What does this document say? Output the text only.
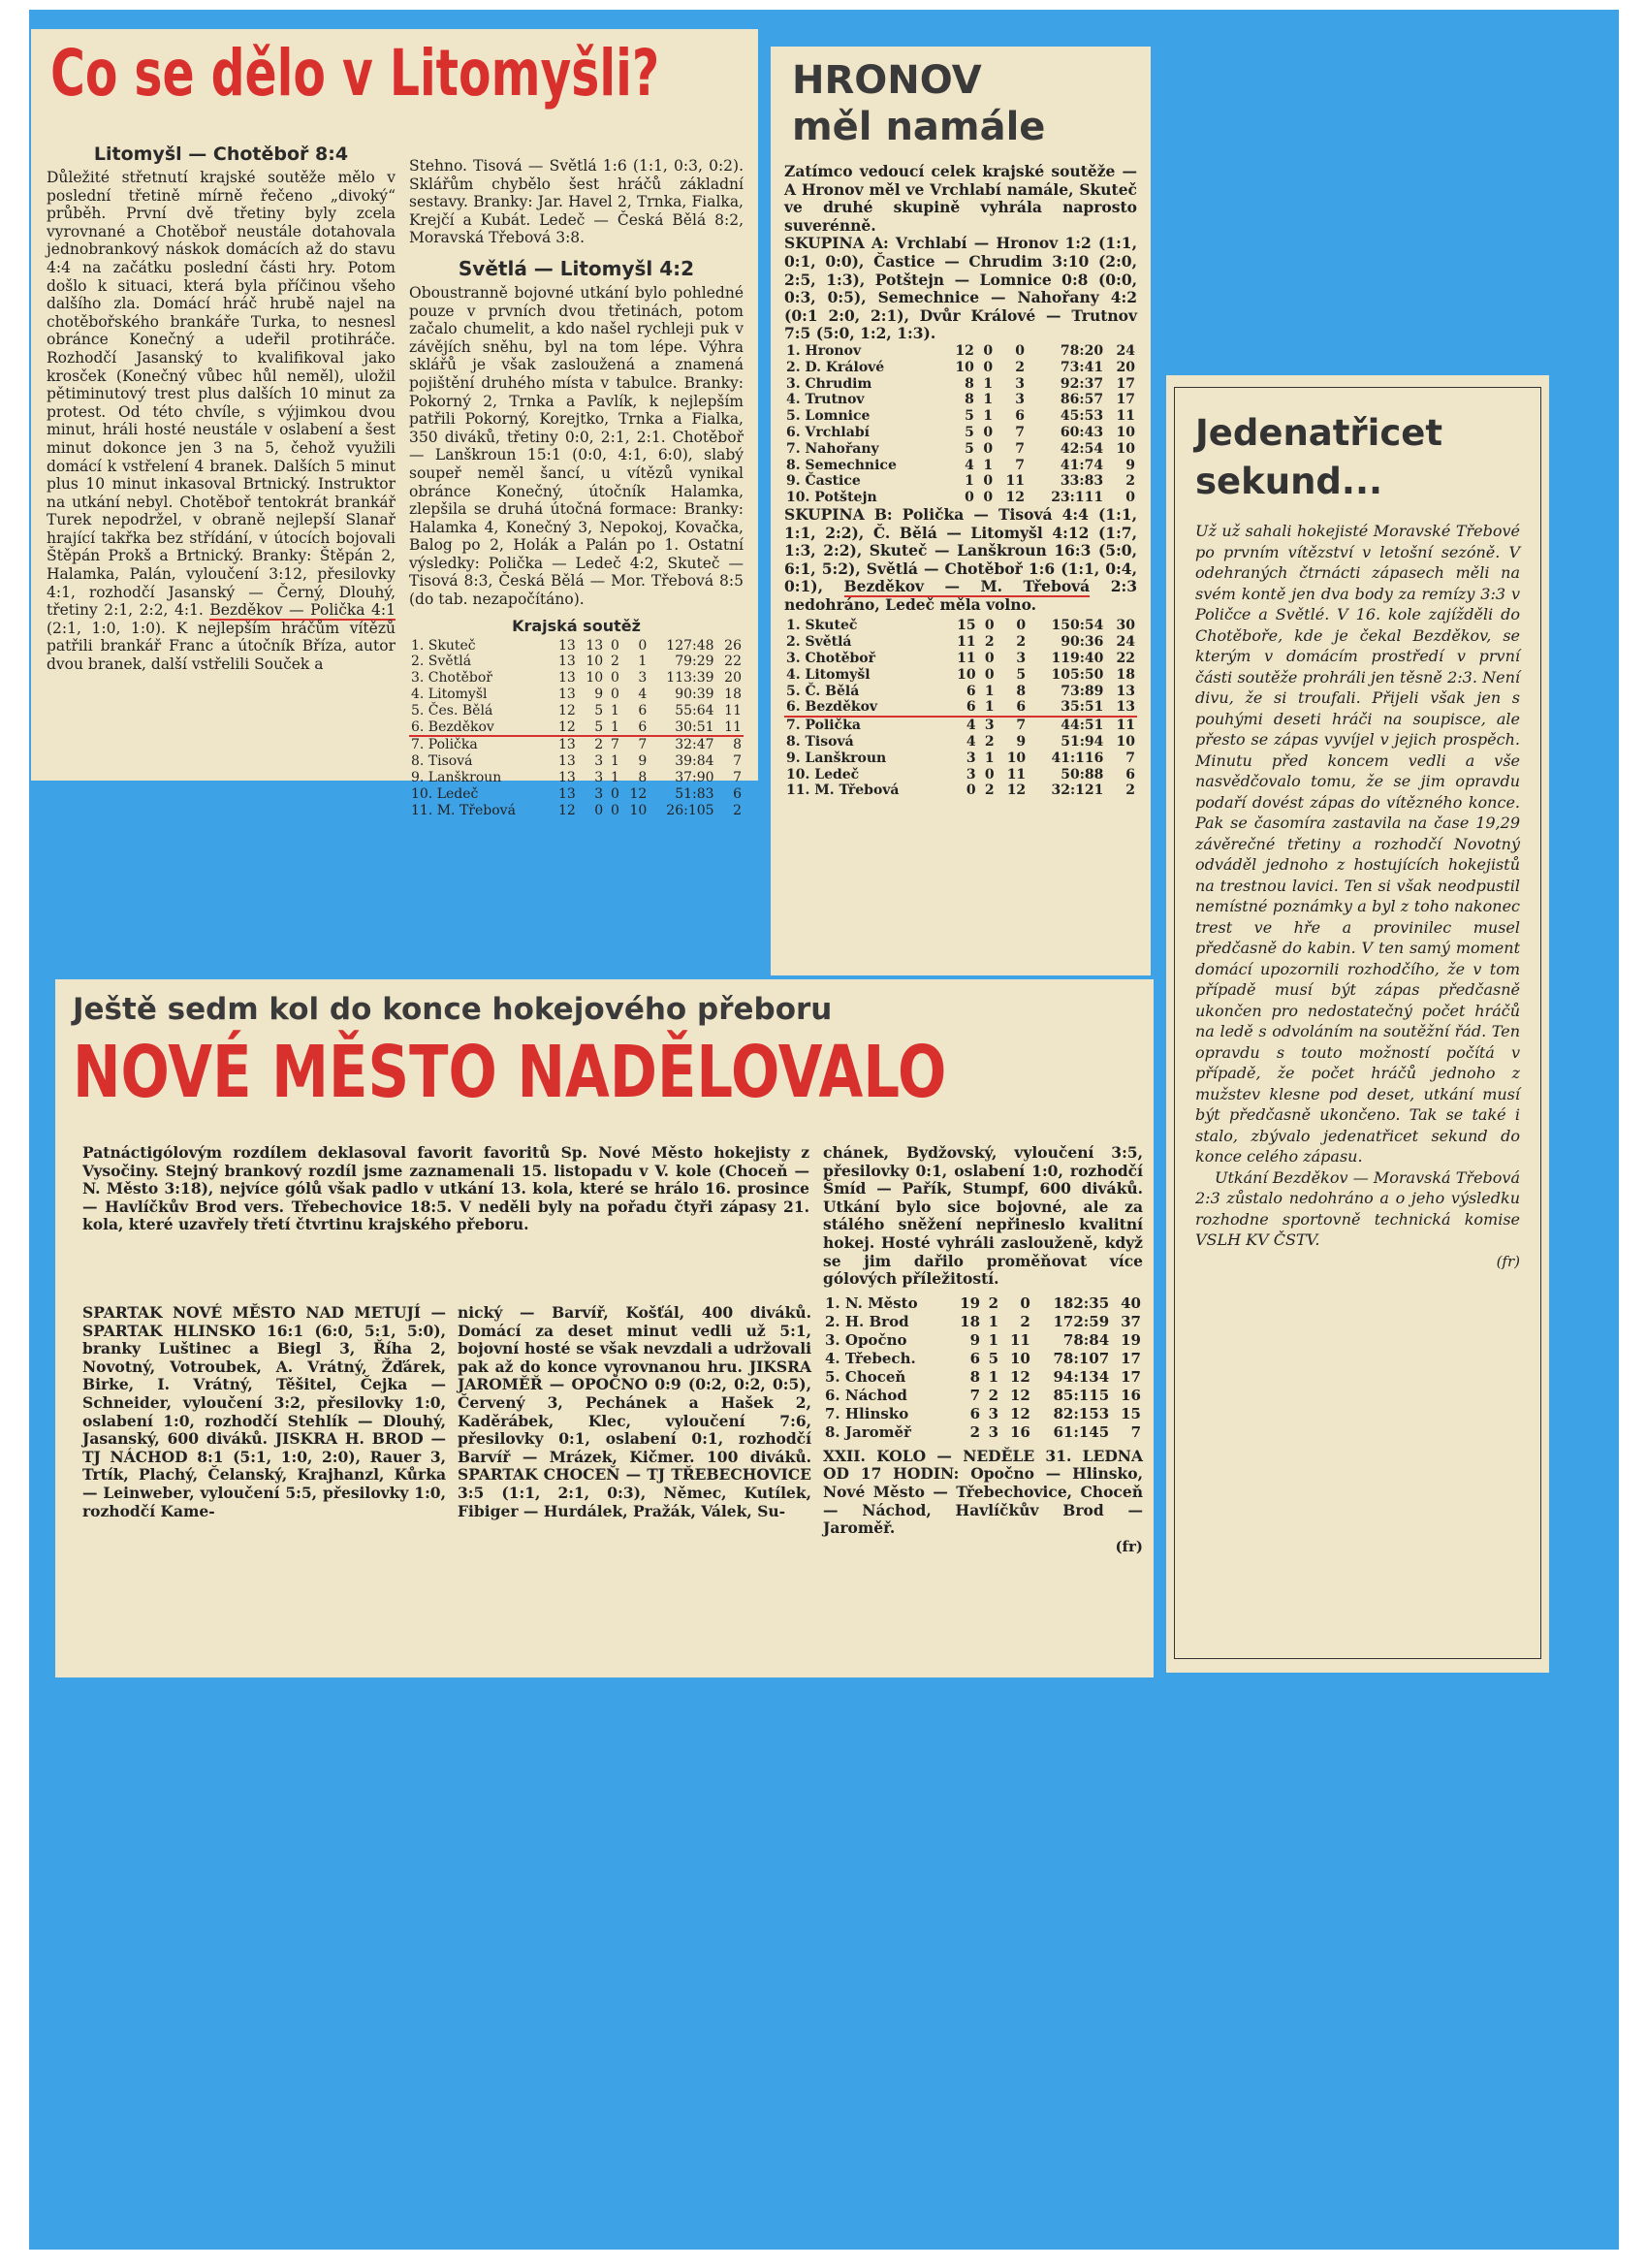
Co se dělo v Litomyšli?
Litomyšl — Chotěboř 8:4
Důležité střetnutí krajské soutěže mělo v poslední třetině mírně řečeno „divoký“ průběh. První dvě třetiny byly zcela vyrovnané a Chotěboř neustále dotahovala jednobrankový náskok domácích až do stavu 4:4 na začátku poslední části hry. Potom došlo k situaci, která byla příčinou všeho dalšího zla. Domácí hráč hrubě najel na chotěbořského brankáře Turka, to nesnesl obránce Konečný a udeřil protihráče. Rozhodčí Jasanský to kvalifikoval jako krosček (Konečný vůbec hůl neměl), uložil pětiminutový trest plus dalších 10 minut za protest. Od této chvíle, s výjimkou dvou minut, hráli hosté neustále v oslabení a šest minut dokonce jen 3 na 5, čehož využili domácí k vstřelení 4 branek. Dalších 5 minut plus 10 minut inkasoval Brtnický. Instruktor na utkání nebyl. Chotěboř tentokrát brankář Turek nepodržel, v obraně nejlepší Slanař hrající takřka bez střídání, v útocích bojovali Štěpán Prokš a Brtnický. Branky: Štěpán 2, Halamka, Palán, vyloučení 3:12, přesilovky 4:1, rozhodčí Jasanský — Černý, Dlouhý, třetiny 2:1, 2:2, 4:1. Bezděkov — Polička 4:1 (2:1, 1:0, 1:0). K nejlepším hráčům vítězů patřili brankář Franc a útočník Bříza, autor dvou branek, další vstřelili Souček a
Stehno. Tisová — Světlá 1:6 (1:1, 0:3, 0:2). Sklářům chybělo šest hráčů základní sestavy. Branky: Jar. Havel 2, Trnka, Fialka, Krejčí a Kubát. Ledeč — Česká Bělá 8:2, Moravská Třebová 3:8.
Světlá — Litomyšl 4:2
Oboustranně bojovné utkání bylo pohledné pouze v prvních dvou třetinách, potom začalo chumelit, a kdo našel rychleji puk v závějích sněhu, byl na tom lépe. Výhra sklářů je však zasloužená a znamená pojištění druhého místa v tabulce. Branky: Pokorný 2, Trnka a Pavlík, k nejlepším patřili Pokorný, Korejtko, Trnka a Fialka, 350 diváků, třetiny 0:0, 2:1, 2:1. Chotěboř — Lanškroun 15:1 (0:0, 4:1, 6:0), slabý soupeř neměl šancí, u vítězů vynikal obránce Konečný, útočník Halamka, zlepšila se druhá útočná formace: Branky: Halamka 4, Konečný 3, Nepokoj, Kovačka, Balog po 2, Holák a Palán po 1. Ostatní výsledky: Polička — Ledeč 4:2, Skuteč — Tisová 8:3, Česká Bělá — Mor. Třebová 8:5 (do tab. nezapočítáno).
Krajská soutěž
1. Skuteč	13	13	0	0	127:48	26
2. Světlá	13	10	2	1	79:29	22
3. Chotěboř	13	10	0	3	113:39	20
4. Litomyšl	13	9	0	4	90:39	18
5. Čes. Bělá	12	5	1	6	55:64	11
6. Bezděkov	12	5	1	6	30:51	11
7. Polička	13	2	7	7	32:47	8
8. Tisová	13	3	1	9	39:84	7
9. Lanškroun	13	3	1	8	37:90	7
10. Ledeč	13	3	0	12	51:83	6
11. M. Třebová	12	0	0	10	26:105	2
HRONOV
měl namále
Zatímco vedoucí celek krajské soutěže — A Hronov měl ve Vrchlabí namále, Skuteč ve druhé skupině vyhrála naprosto suverénně.
SKUPINA A: Vrchlabí — Hronov 1:2 (1:1, 0:1, 0:0), Častice — Chrudim 3:10 (2:0, 2:5, 1:3), Potštejn — Lomnice 0:8 (0:0, 0:3, 0:5), Semechnice — Nahořany 4:2 (0:1 2:0, 2:1), Dvůr Králové — Trutnov 7:5 (5:0, 1:2, 1:3).
1. Hronov	12	0	0	78:20	24
2. D. Králové	10	0	2	73:41	20
3. Chrudim	8	1	3	92:37	17
4. Trutnov	8	1	3	86:57	17
5. Lomnice	5	1	6	45:53	11
6. Vrchlabí	5	0	7	60:43	10
7. Nahořany	5	0	7	42:54	10
8. Semechnice	4	1	7	41:74	9
9. Častice	1	0	11	33:83	2
10. Potštejn	0	0	12	23:111	0
SKUPINA B: Polička — Tisová 4:4 (1:1, 1:1, 2:2), Č. Bělá — Litomyšl 4:12 (1:7, 1:3, 2:2), Skuteč — Lanškroun 16:3 (5:0, 6:1, 5:2), Světlá — Chotěboř 1:6 (1:1, 0:4, 0:1), Bezděkov — M. Třebová 2:3 nedohráno, Ledeč měla volno.
1. Skuteč	15	0	0	150:54	30
2. Světlá	11	2	2	90:36	24
3. Chotěboř	11	0	3	119:40	22
4. Litomyšl	10	0	5	105:50	18
5. Č. Bělá	6	1	8	73:89	13
6. Bezděkov	6	1	6	35:51	13
7. Polička	4	3	7	44:51	11
8. Tisová	4	2	9	51:94	10
9. Lanškroun	3	1	10	41:116	7
10. Ledeč	3	0	11	50:88	6
11. M. Třebová	0	2	12	32:121	2
Jedenatřicet
sekund...
Už už sahali hokejisté Moravské Třebové po prvním vítězství v letošní sezóně. V odehraných čtrnácti zápasech měli na svém kontě jen dva body za remízy 3:3 v Poličce a Světlé. V 16. kole zajížděli do Chotěboře, kde je čekal Bezděkov, se kterým v domácím prostředí v první části soutěže prohráli jen těsně 2:3. Není divu, že si troufali. Přijeli však jen s pouhými deseti hráči na soupisce, ale přesto se zápas vyvíjel v jejich prospěch. Minutu před koncem vedli a vše nasvědčovalo tomu, že se jim opravdu podaří dovést zápas do vítězného konce. Pak se časomíra zastavila na čase 19,29 závěrečné třetiny a rozhodčí Novotný odváděl jednoho z hostujících hokejistů na trestnou lavici. Ten si však neodpustil nemístné poznámky a byl z toho nakonec trest ve hře a provinilec musel předčasně do kabin. V ten samý moment domácí upozornili rozhodčího, že v tom případě musí být zápas předčasně ukončen pro nedostatečný počet hráčů na ledě s odvoláním na soutěžní řád. Ten opravdu s touto možností počítá v případě, že počet hráčů jednoho z mužstev klesne pod deset, utkání musí být předčasně ukončeno. Tak se také i stalo, zbývalo jedenatřicet sekund do konce celého zápasu.
Utkání Bezděkov — Moravská Třebová 2:3 zůstalo nedohráno a o jeho výsledku rozhodne sportovně technická komise VSLH KV ČSTV.
(fr)
Ještě sedm kol do konce hokejového přeboru
NOVÉ MĚSTO NADĚLOVALO
Patnáctigólovým rozdílem deklasoval favorit favoritů Sp. Nové Město hokejisty z Vysočiny. Stejný brankový rozdíl jsme zaznamenali 15. listopadu v V. kole (Choceň — N. Město 3:18), nejvíce gólů však padlo v utkání 13. kola, které se hrálo 16. prosince — Havlíčkův Brod vers. Třebechovice 18:5. V neděli byly na pořadu čtyři zápasy 21. kola, které uzavřely třetí čtvrtinu krajského přeboru.
SPARTAK NOVÉ MĚSTO NAD METUJÍ — SPARTAK HLINSKO 16:1 (6:0, 5:1, 5:0), branky Luštinec a Biegl 3, Říha 2, Novotný, Votroubek, A. Vrátný, Žďárek, Birke, I. Vrátný, Těšitel, Čejka — Schneider, vyloučení 3:2, přesilovky 1:0, oslabení 1:0, rozhodčí Stehlík — Dlouhý, Jasanský, 600 diváků. JISKRA H. BROD — TJ NÁCHOD 8:1 (5:1, 1:0, 2:0), Rauer 3, Trtík, Plachý, Čelanský, Krajhanzl, Kůrka — Leinweber, vyloučení 5:5, přesilovky 1:0, rozhodčí Kame-
nický — Barvíř, Košťál, 400 diváků. Domácí za deset minut vedli už 5:1, bojovní hosté se však nevzdali a udržovali pak až do konce vyrovnanou hru. JIKSRA JAROMĚŘ — OPOČNO 0:9 (0:2, 0:2, 0:5), Červený 3, Pechánek a Hašek 2, Kaděrábek, Klec, vyloučení 7:6, přesilovky 0:1, oslabení 0:1, rozhodčí Barvíř — Mrázek, Kičmer. 100 diváků. SPARTAK CHOCEŇ — TJ TŘEBECHOVICE 3:5 (1:1, 2:1, 0:3), Němec, Kutílek, Fibiger — Hurdálek, Pražák, Válek, Su-
chánek, Bydžovský, vyloučení 3:5, přesilovky 0:1, oslabení 1:0, rozhodčí Šmíd — Pařík, Stumpf, 600 diváků. Utkání bylo sice bojovné, ale za stálého sněžení nepřineslo kvalitní hokej. Hosté vyhráli zaslouženě, když se jim dařilo proměňovat více gólových příležitostí.
1. N. Město	19	2	0	182:35	40
2. H. Brod	18	1	2	172:59	37
3. Opočno	9	1	11	78:84	19
4. Třebech.	6	5	10	78:107	17
5. Choceň	8	1	12	94:134	17
6. Náchod	7	2	12	85:115	16
7. Hlinsko	6	3	12	82:153	15
8. Jaroměř	2	3	16	61:145	7
XXII. KOLO — NEDĚLE 31. LEDNA OD 17 HODIN: Opočno — Hlinsko, Nové Město — Třebechovice, Choceň — Náchod, Havlíčkův Brod — Jaroměř.
(fr)
